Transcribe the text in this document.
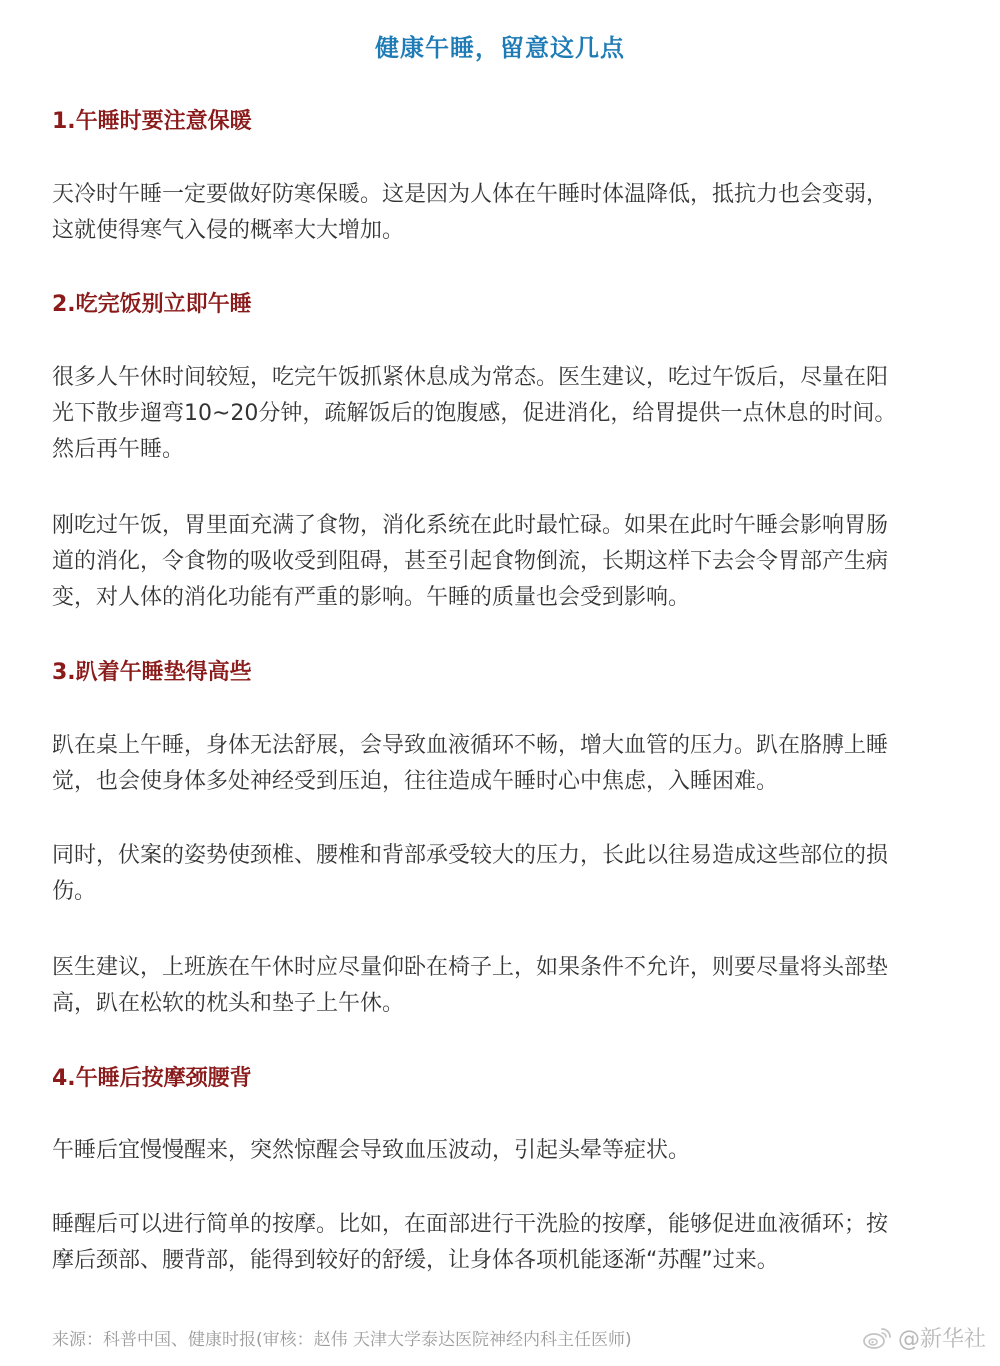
健康午睡，留意这几点
1.午睡时要注意保暖
天冷时午睡一定要做好防寒保暖。这是因为人体在午睡时体温降低，抵抗力也会变弱，
这就使得寒气入侵的概率大大增加。
2.吃完饭别立即午睡
很多人午休时间较短，吃完午饭抓紧休息成为常态。医生建议，吃过午饭后，尽量在阳
光下散步遛弯10~20分钟，疏解饭后的饱腹感，促进消化，给胃提供一点休息的时间。
然后再午睡。
刚吃过午饭，胃里面充满了食物，消化系统在此时最忙碌。如果在此时午睡会影响胃肠
道的消化，令食物的吸收受到阻碍，甚至引起食物倒流，长期这样下去会令胃部产生病
变，对人体的消化功能有严重的影响。午睡的质量也会受到影响。
3.趴着午睡垫得高些
趴在桌上午睡，身体无法舒展，会导致血液循环不畅，增大血管的压力。趴在胳膊上睡
觉，也会使身体多处神经受到压迫，往往造成午睡时心中焦虑，入睡困难。
同时，伏案的姿势使颈椎、腰椎和背部承受较大的压力，长此以往易造成这些部位的损
伤。
医生建议，上班族在午休时应尽量仰卧在椅子上，如果条件不允许，则要尽量将头部垫
高，趴在松软的枕头和垫子上午休。
4.午睡后按摩颈腰背
午睡后宜慢慢醒来，突然惊醒会导致血压波动，引起头晕等症状。
睡醒后可以进行简单的按摩。比如，在面部进行干洗脸的按摩，能够促进血液循环；按
摩后颈部、腰背部，能得到较好的舒缓，让身体各项机能逐渐“苏醒”过来。
来源：科普中国、健康时报(审核：赵伟 天津大学泰达医院神经内科主任医师)	@新华社
